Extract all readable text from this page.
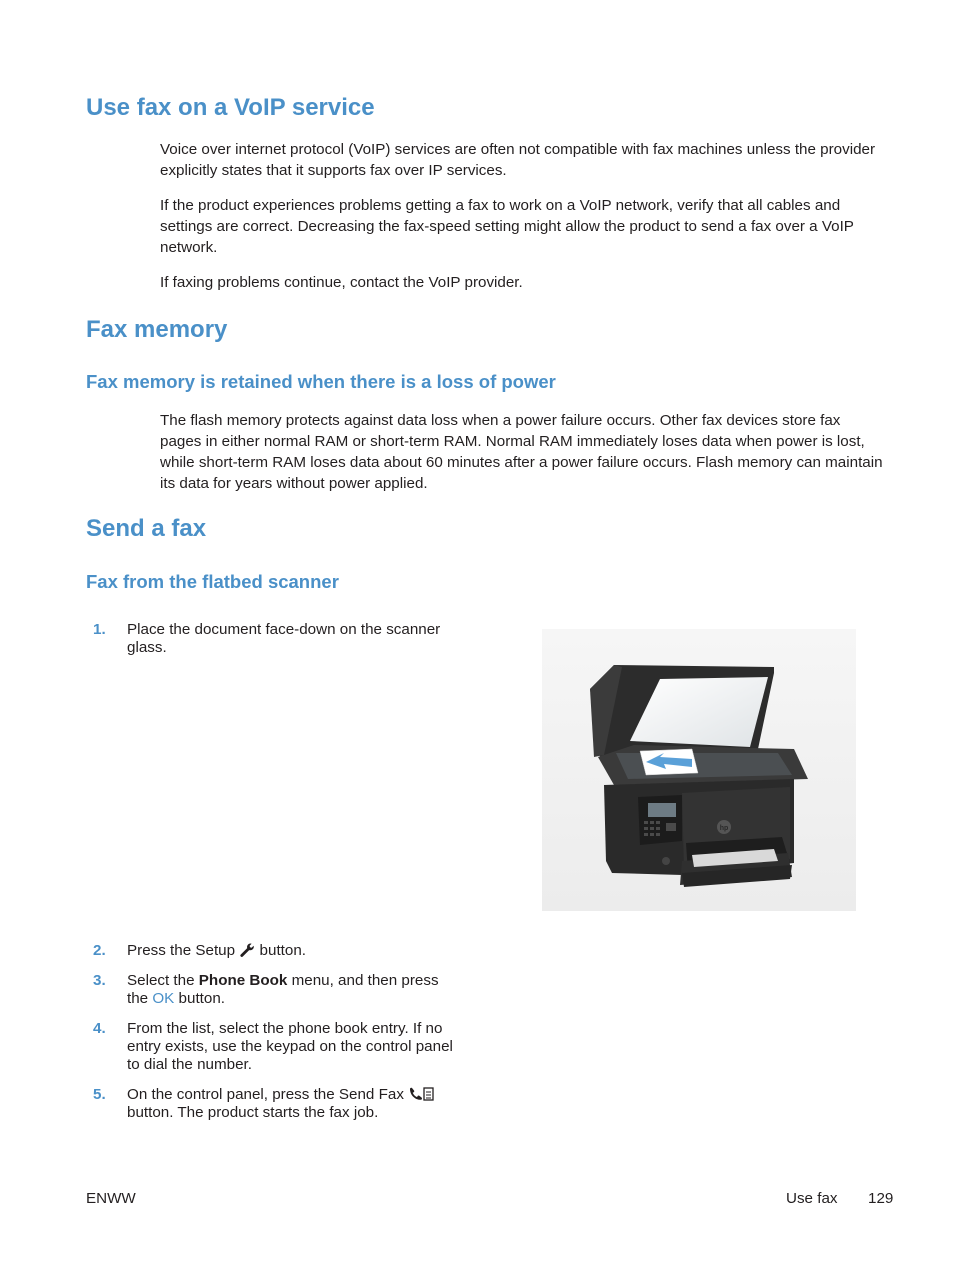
Use fax on a VoIP service

Voice over internet protocol (VoIP) services are often not compatible with fax machines unless the provider explicitly states that it supports fax over IP services.

If the product experiences problems getting a fax to work on a VoIP network, verify that all cables and settings are correct. Decreasing the fax-speed setting might allow the product to send a fax over a VoIP network.

If faxing problems continue, contact the VoIP provider.

Fax memory
Fax memory is retained when there is a loss of power

The flash memory protects against data loss when a power failure occurs. Other fax devices store fax pages in either normal RAM or short-term RAM. Normal RAM immediately loses data when power is lost, while short-term RAM loses data about 60 minutes after a power failure occurs. Flash memory can maintain its data for years without power applied.

Send a fax
Fax from the flatbed scanner
1. Place the document face-down on the scanner glass.
hp
2. Press the Setup button.
3. Select the Phone Book menu, and then press the OK button.
4. From the list, select the phone book entry. If no entry exists, use the keypad on the control panel to dial the number.
5. On the control panel, press the Send Fax  button. The product starts the fax job.
ENWW	Use fax 129
